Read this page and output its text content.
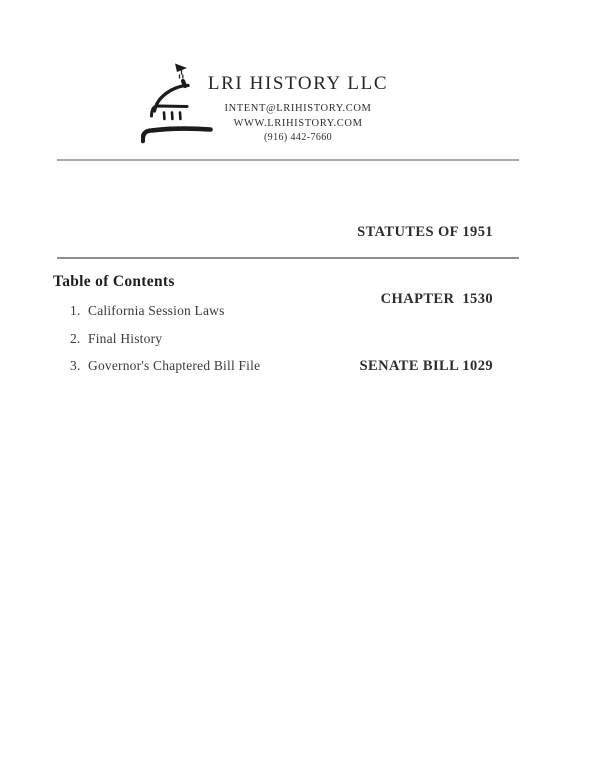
LRI HISTORY LLC
INTENT@LRIHISTORY.COM
WWW.LRIHISTORY.COM
(916) 442-7660

STATUTES OF 1951

CHAPTER  1530

SENATE BILL 1029

Table of Contents
1. California Session Laws
2. Final History
3. Governor's Chaptered Bill File
